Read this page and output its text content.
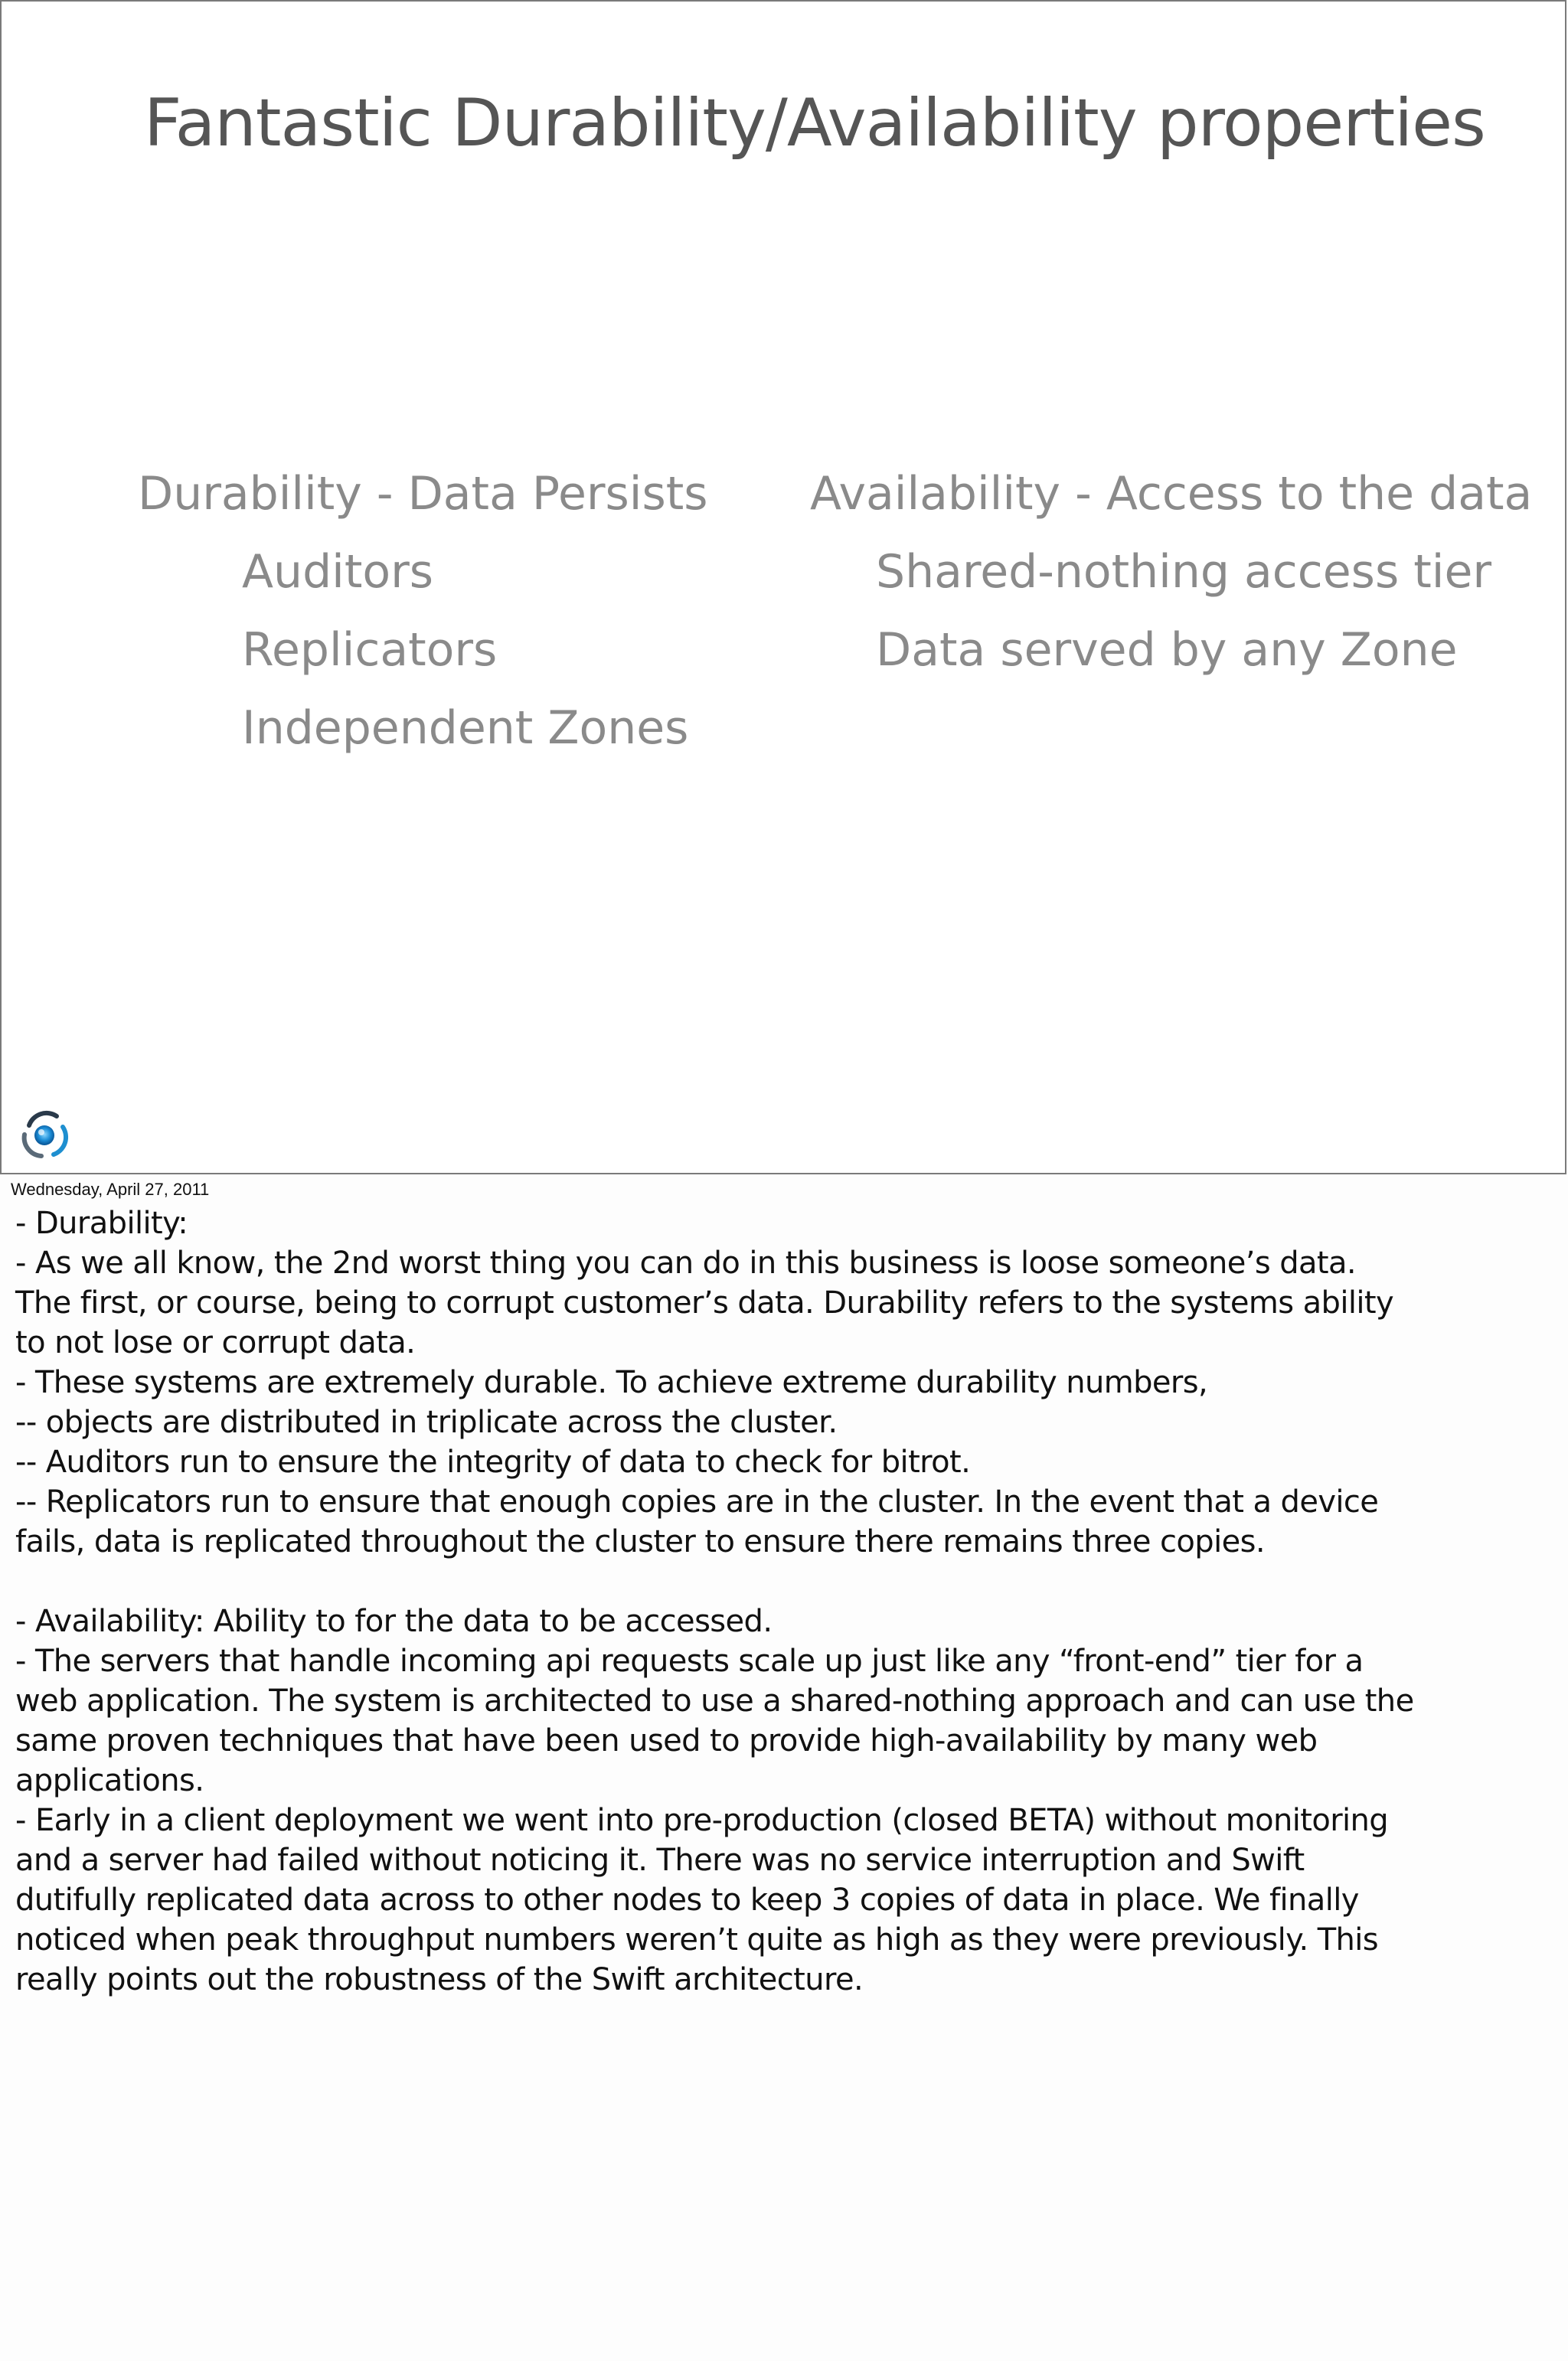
Fantastic Durability/Availability properties
Durability - Data Persists
Auditors
Replicators
Independent Zones
Availability - Access to the data
Shared-nothing access tier
Data served by any Zone
Wednesday, April 27, 2011
- Durability:
- As we all know, the 2nd worst thing you can do in this business is loose someone’s data.
The first, or course, being to corrupt customer’s data. Durability refers to the systems ability
to not lose or corrupt data.
- These systems are extremely durable. To achieve extreme durability numbers,
-- objects are distributed in triplicate across the cluster.
-- Auditors run to ensure the integrity of data to check for bitrot.
-- Replicators run to ensure that enough copies are in the cluster. In the event that a device
fails, data is replicated throughout the cluster to ensure there remains three copies.
- Availability: Ability to for the data to be accessed.
- The servers that handle incoming api requests scale up just like any “front-end” tier for a
web application. The system is architected to use a shared-nothing approach and can use the
same proven techniques that have been used to provide high-availability by many web
applications.
- Early in a client deployment we went into pre-production (closed BETA) without monitoring
and a server had failed without noticing it. There was no service interruption and Swift
dutifully replicated data across to other nodes to keep 3 copies of data in place. We finally
noticed when peak throughput numbers weren’t quite as high as they were previously. This
really points out the robustness of the Swift architecture.
